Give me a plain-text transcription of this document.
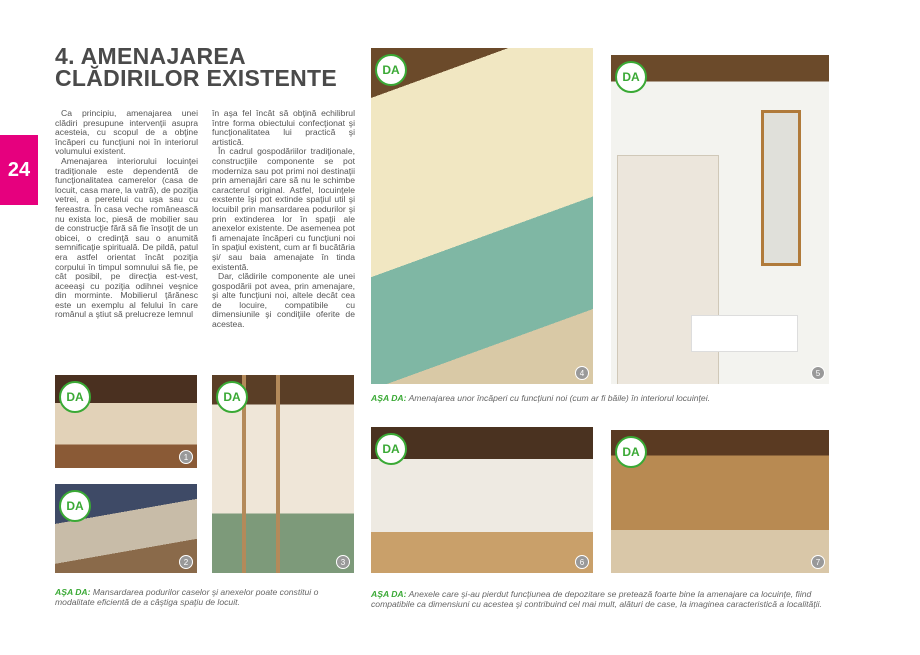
24
4. AMENAJAREA
CLĂDIRILOR EXISTENTE

Ca principiu, amenajarea unei clădiri presupune intervenţii asupra acesteia, cu scopul de a obţine încăperi cu funcţiuni noi în interiorul volumului existent.

Amenajarea interiorului locuinţei tradiţionale este dependentă de funcţionalitatea camerelor (casa de locuit, casa mare, la vatră), de poziţia vetrei, a peretelui cu uşa sau cu fereastra. În casa veche românească nu exista loc, piesă de mobilier sau de construcţie fără să fie însoţit de un obicei, o credinţă sau o anumită semnificaţie spirituală. De pildă, patul era astfel orientat încât poziţia corpului în timpul somnului să fie, pe cât posibil, pe direcţia est-vest, aceeaşi cu poziţia odihnei veşnice din morminte. Mobilierul ţărănesc este un exemplu al felului în care românul a ştiut să prelucreze lemnul

în aşa fel încât să obţină echilibrul între forma obiectului confecţionat şi funcţionalitatea lui practică şi artistică.

În cadrul gospodăriilor tradiţionale, construcţiile componente se pot moderniza sau pot primi noi destinaţii prin amenajări care să nu le schimbe caracterul original. Astfel, locuinţele exstente îşi pot extinde spaţiul util şi locuibil prin mansardarea podurilor şi prin extinderea lor în spaţii ale anexelor existente. De asemenea pot fi amenajate încăperi cu funcţiuni noi în spaţiul existent, cum ar fi bucătăria şi/ sau baia amenajate în tinda existentă.

Dar, clădirile componente ale unei gospodării pot avea, prin amenajare, şi alte funcţiuni noi, altele decât cea de locuire, compatibile cu dimensiunile şi condiţiile oferite de acestea.

DA
4
DA
5
DA
1
DA
2
DA
3
DA
6
DA
7
AŞA DA: Mansardarea podurilor caselor şi anexelor poate constitui o modalitate eficientă de a câştiga spaţiu de locuit.
AŞA DA: Amenajarea unor încăperi cu funcţiuni noi (cum ar fi băile) în interiorul locuinţei.
AŞA DA: Anexele care şi-au pierdut funcţiunea de depozitare se pretează foarte bine la amenajare ca locuinţe, fiind compatibile ca dimensiuni cu acestea şi contribuind cel mai mult, alături de case, la imaginea caracteristică a localităţii.
